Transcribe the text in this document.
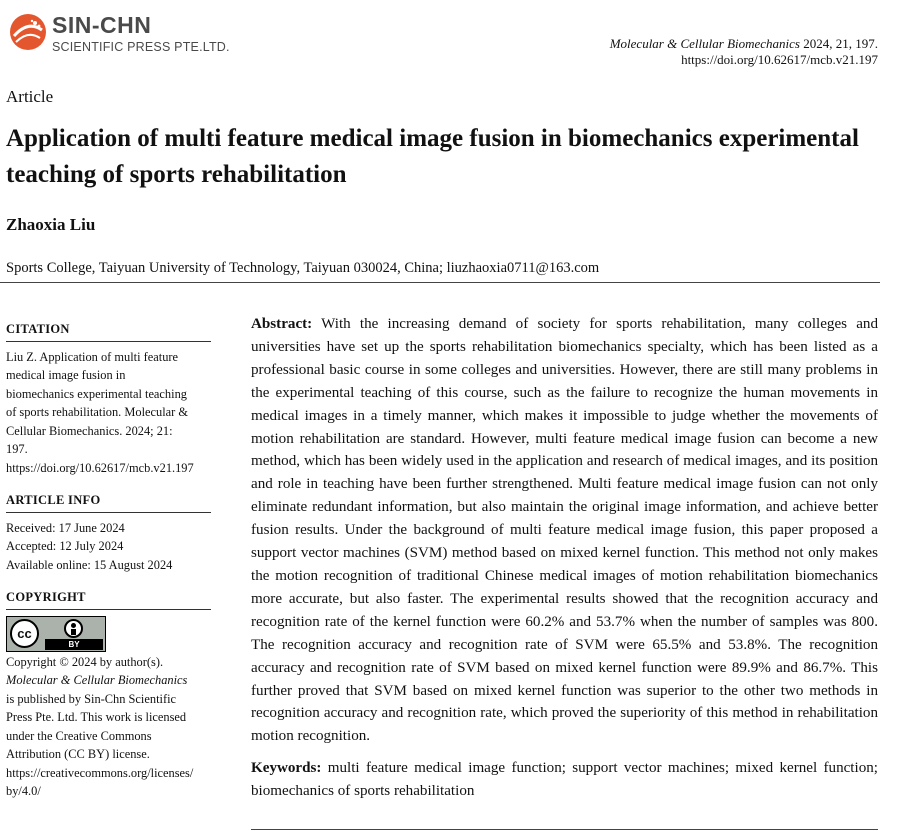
SIN-CHN
SCIENTIFIC PRESS PTE.LTD.	Molecular & Cellular Biomechanics 2024, 21, 197.
https://doi.org/10.62617/mcb.v21.197
Article
Application of multi feature medical image fusion in biomechanics experimental teaching of sports rehabilitation
Zhaoxia Liu
Sports College, Taiyuan University of Technology, Taiyuan 030024, China; liuzhaoxia0711@163.com
CITATION
Liu Z. Application of multi feature
medical image fusion in
biomechanics experimental teaching
of sports rehabilitation. Molecular &
Cellular Biomechanics. 2024; 21:
197.
https://doi.org/10.62617/mcb.v21.197
ARTICLE INFO
Received: 17 June 2024
Accepted: 12 July 2024
Available online: 15 August 2024
COPYRIGHT
cc
BY
Copyright © 2024 by author(s).
Molecular & Cellular Biomechanics
is published by Sin-Chn Scientific
Press Pte. Ltd. This work is licensed
under the Creative Commons
Attribution (CC BY) license.
https://creativecommons.org/licenses/
by/4.0/

Abstract: With the increasing demand of society for sports rehabilitation, many colleges and universities have set up the sports rehabilitation biomechanics specialty, which has been listed as a professional basic course in some colleges and universities. However, there are still many problems in the experimental teaching of this course, such as the failure to recognize the human movements in medical images in a timely manner, which makes it impossible to judge whether the movements of motion rehabilitation are standard. However, multi feature medical image fusion can become a new method, which has been widely used in the application and research of medical images, and its position and role in teaching have been further strengthened. Multi feature medical image fusion can not only eliminate redundant information, but also maintain the original image information, and achieve better fusion results. Under the background of multi feature medical image fusion, this paper proposed a support vector machines (SVM) method based on mixed kernel function. This method not only makes the motion recognition of traditional Chinese medical images of motion rehabilitation biomechanics more accurate, but also faster. The experimental results showed that the recognition accuracy and recognition rate of the kernel function were 60.2% and 53.7% when the number of samples was 800. The recognition accuracy and recognition rate of SVM were 65.5% and 53.8%. The recognition accuracy and recognition rate of SVM based on mixed kernel function were 89.9% and 86.7%. This further proved that SVM based on mixed kernel function was superior to the other two methods in recognition accuracy and recognition rate, which proved the superiority of this method in rehabilitation motion recognition.

Keywords: multi feature medical image function; support vector machines; mixed kernel function; biomechanics of sports rehabilitation
